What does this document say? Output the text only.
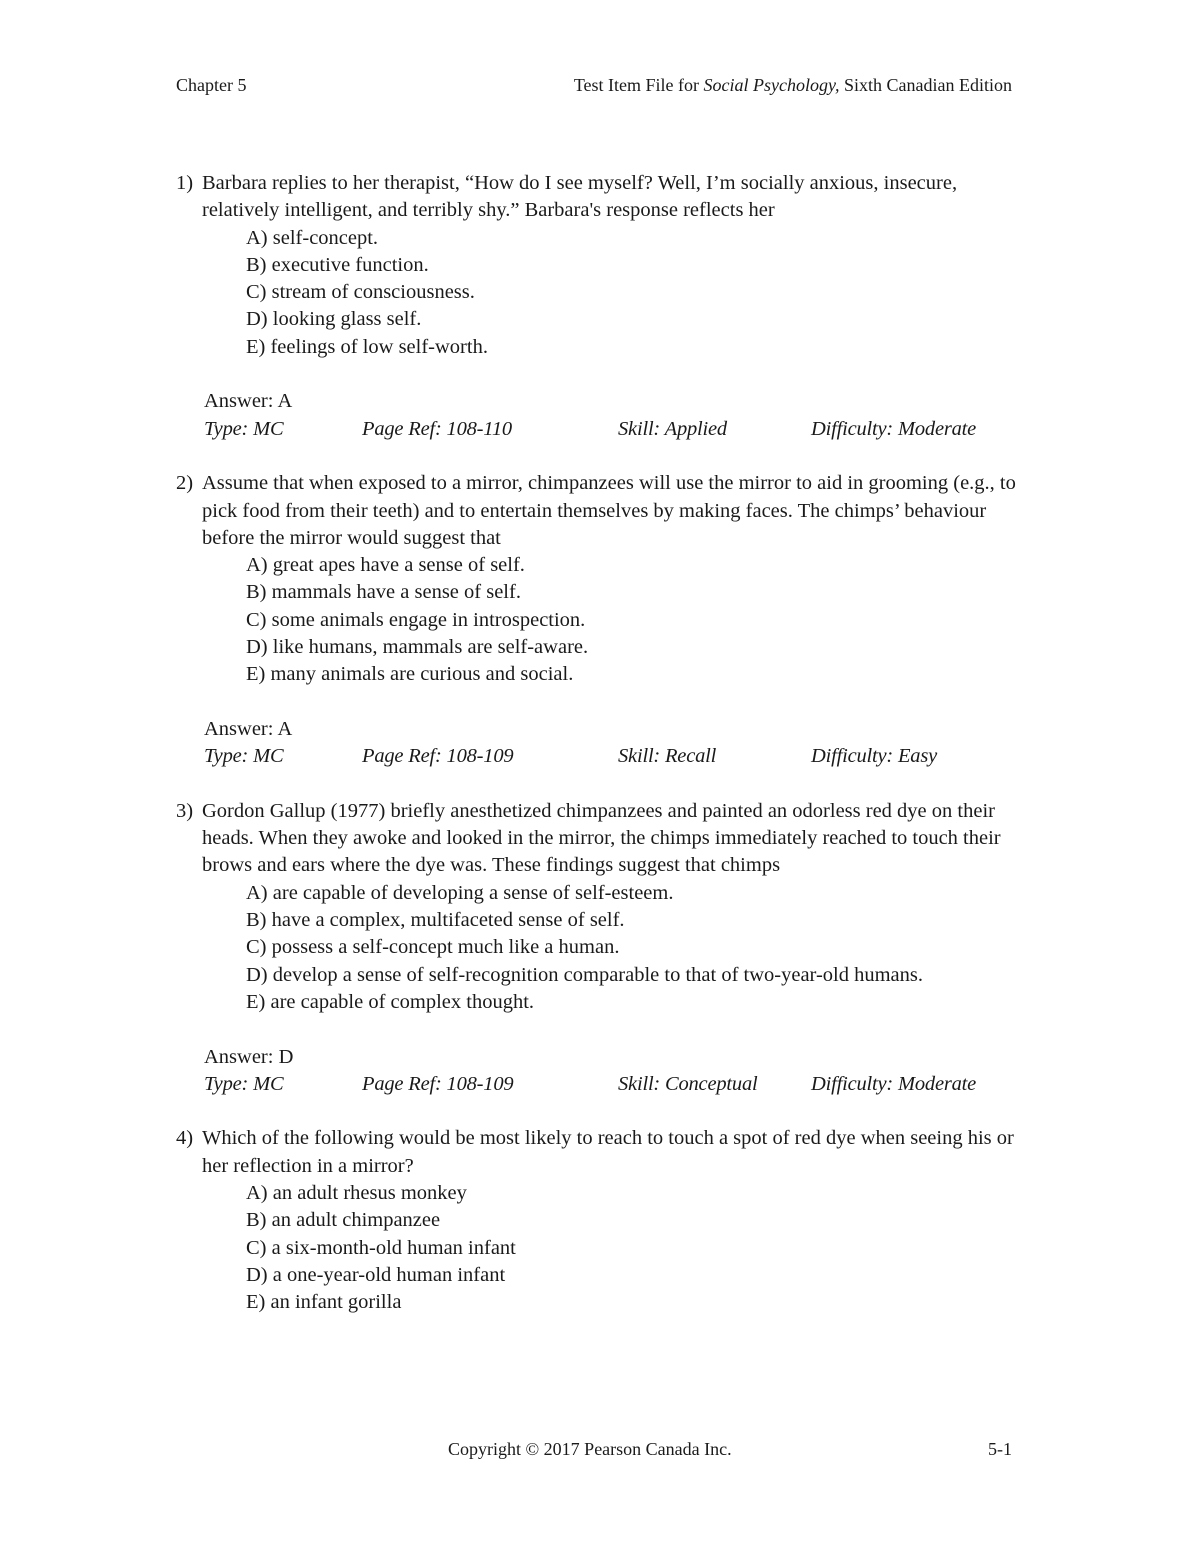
Chapter 5	Test Item File for Social Psychology, Sixth Canadian Edition
1) Barbara replies to her therapist, “How do I see myself? Well, I’m socially anxious, insecure, relatively intelligent, and terribly shy.” Barbara's response reflects her
A) self-concept.
B) executive function.
C) stream of consciousness.
D) looking glass self.
E) feelings of low self-worth.
Answer: A
Type: MC	Page Ref: 108-110	Skill: Applied	Difficulty: Moderate
2) Assume that when exposed to a mirror, chimpanzees will use the mirror to aid in grooming (e.g., to pick food from their teeth) and to entertain themselves by making faces. The chimps’ behaviour before the mirror would suggest that
A) great apes have a sense of self.
B) mammals have a sense of self.
C) some animals engage in introspection.
D) like humans, mammals are self-aware.
E) many animals are curious and social.
Answer: A
Type: MC	Page Ref: 108-109	Skill: Recall	Difficulty: Easy
3) Gordon Gallup (1977) briefly anesthetized chimpanzees and painted an odorless red dye on their heads. When they awoke and looked in the mirror, the chimps immediately reached to touch their brows and ears where the dye was. These findings suggest that chimps
A) are capable of developing a sense of self-esteem.
B) have a complex, multifaceted sense of self.
C) possess a self-concept much like a human.
D) develop a sense of self-recognition comparable to that of two-year-old humans.
E) are capable of complex thought.
Answer: D
Type: MC	Page Ref: 108-109	Skill: Conceptual	Difficulty: Moderate
4) Which of the following would be most likely to reach to touch a spot of red dye when seeing his or her reflection in a mirror?
A) an adult rhesus monkey
B) an adult chimpanzee
C) a six-month-old human infant
D) a one-year-old human infant
E) an infant gorilla
Copyright © 2017 Pearson Canada Inc.	5-1
